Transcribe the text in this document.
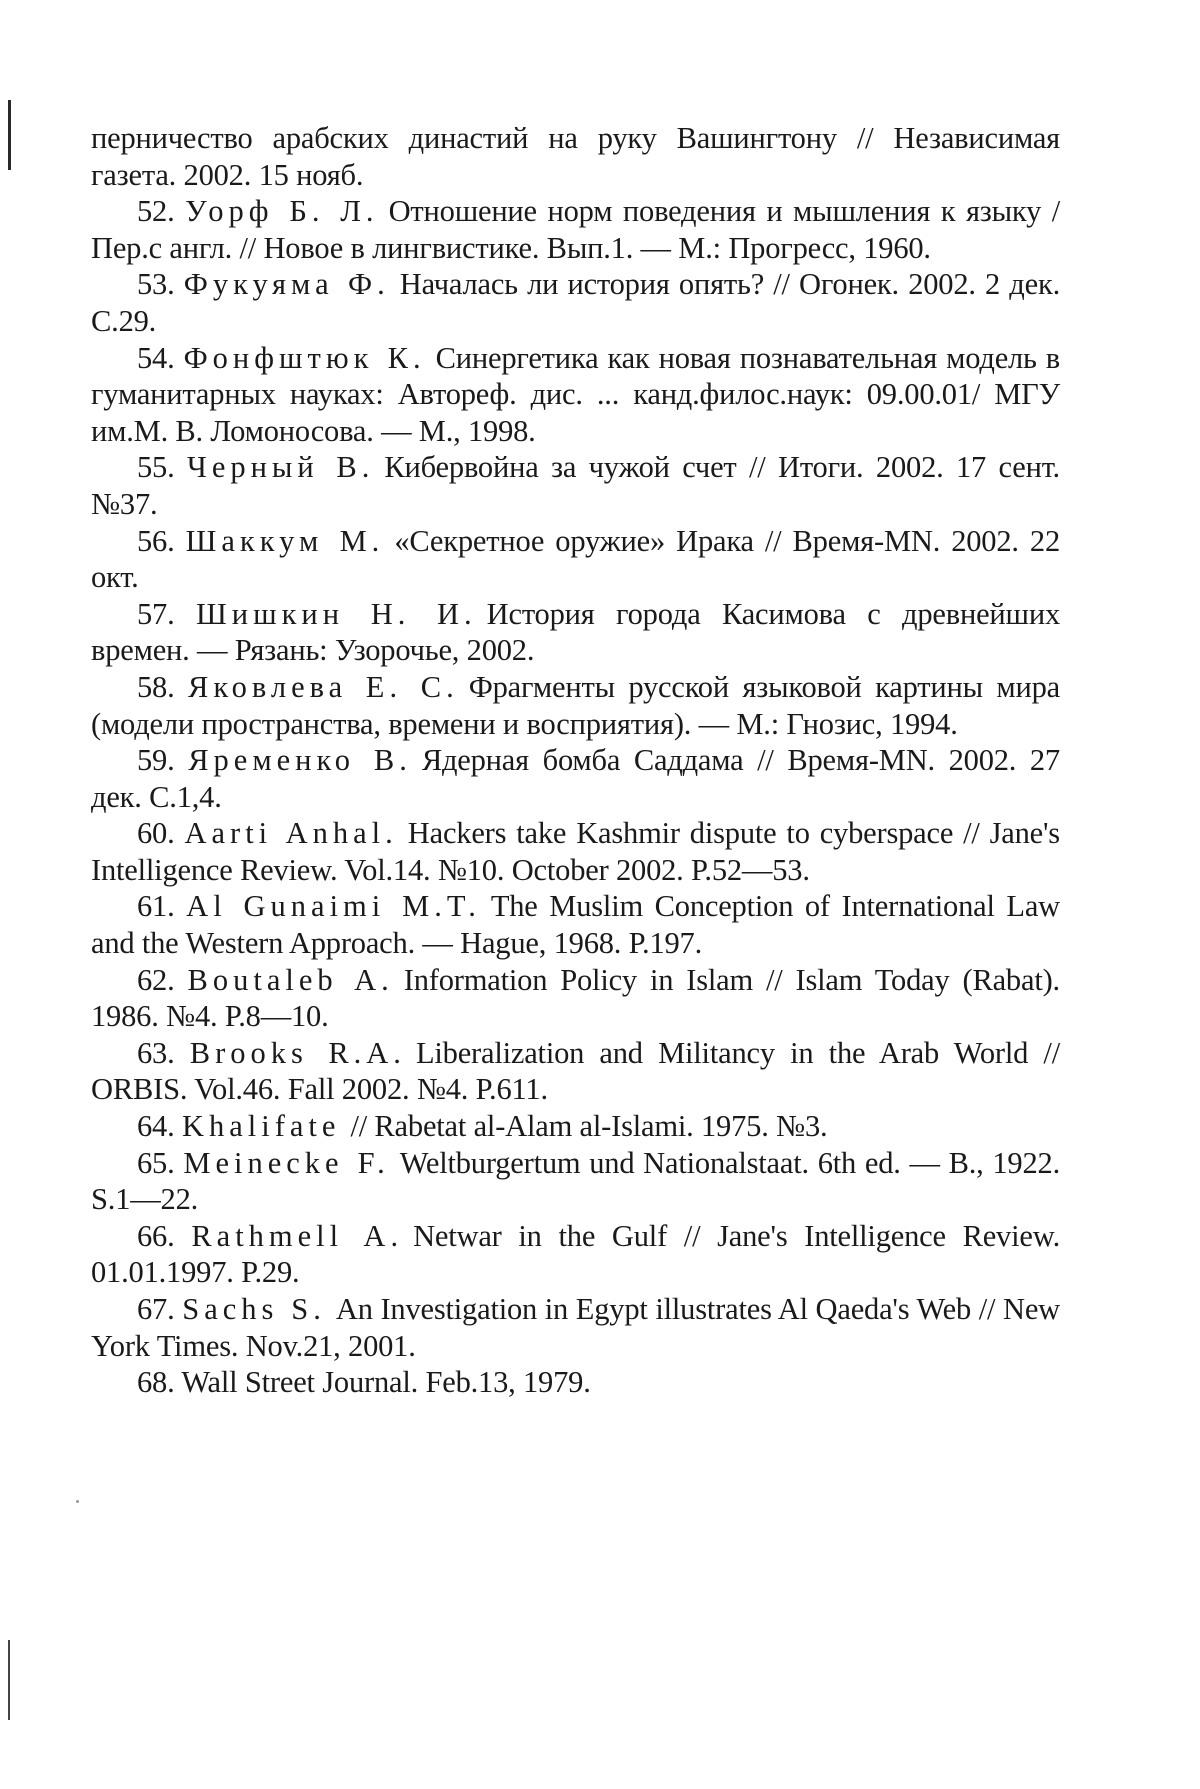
перничество арабских династий на руку Вашингтону // Независимая газета. 2002. 15 нояб.

52. Уорф Б. Л. Отношение норм поведения и мышления к языку / Пер.с англ. // Новое в лингвистике. Вып.1. — М.: Прогресс, 1960.

53. Фукуяма Ф. Началась ли история опять? // Огонек. 2002. 2 дек. С.29.

54. Фонфштюк К. Синергетика как новая познавательная модель в гуманитарных науках: Автореф. дис. ... канд.филос.наук: 09.00.01/ МГУ им.М. В. Ломоносова. — М., 1998.

55. Черный В. Кибервойна за чужой счет // Итоги. 2002. 17 сент. №37.

56. Шаккум М. «Секретное оружие» Ирака // Время-MN. 2002. 22 окт.

57. Шишкин Н. И. История города Касимова с древнейших времен. — Рязань: Узорочье, 2002.

58. Яковлева Е. С. Фрагменты русской языковой картины мира (модели пространства, времени и восприятия). — М.: Гнозис, 1994.

59. Яременко В. Ядерная бомба Саддама // Время-MN. 2002. 27 дек. С.1,4.

60. Aarti Anhal. Hackers take Kashmir dispute to cyberspace // Jane's Intelligence Review. Vol.14. №10. October 2002. P.52—53.

61. Al Gunaimi M.T. The Muslim Conception of International Law and the Western Approach. — Hague, 1968. P.197.

62. Boutaleb A. Information Policy in Islam // Islam Today (Rabat). 1986. №4. P.8—10.

63. Brooks R.A. Liberalization and Militancy in the Arab World // ORBIS. Vol.46. Fall 2002. №4. P.611.

64. Khalifate // Rabetat al-Alam al-Islami. 1975. №3.

65. Meinecke F. Weltburgertum und Nationalstaat. 6th ed. — B., 1922. S.1—22.

66. Rathmell A. Netwar in the Gulf // Jane's Intelligence Review. 01.01.1997. P.29.

67. Sachs S. An Investigation in Egypt illustrates Al Qaeda's Web // New York Times. Nov.21, 2001.

68. Wall Street Journal. Feb.13, 1979.
